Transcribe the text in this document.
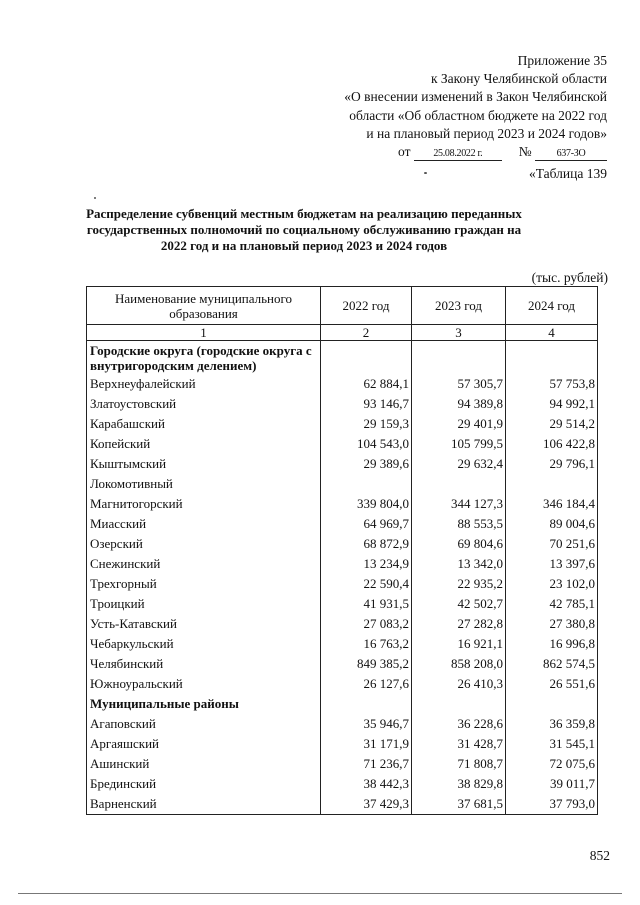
Приложение 35
к Закону Челябинской области
«О внесении изменений в Закон Челябинской
области «Об областном бюджете на 2022 год
и на плановый период 2023 и 2024 годов»
от 25.08.2022 г.	№ 637-ЗО
«Таблица 139
Распределение субвенций местным бюджетам на реализацию переданных государственных полномочий по социальному обслуживанию граждан на 2022 год и на плановый период 2023 и 2024 годов
(тыс. рублей)
Наименование муниципального образования	2022 год	2023 год	2024 год
1	2	3	4
Городские округа (городские округа с внутригородским делением)			
Верхнеуфалейский	62 884,1	57 305,7	57 753,8
Златоустовский	93 146,7	94 389,8	94 992,1
Карабашский	29 159,3	29 401,9	29 514,2
Копейский	104 543,0	105 799,5	106 422,8
Кыштымский	29 389,6	29 632,4	29 796,1
Локомотивный			
Магнитогорский	339 804,0	344 127,3	346 184,4
Миасский	64 969,7	88 553,5	89 004,6
Озерский	68 872,9	69 804,6	70 251,6
Снежинский	13 234,9	13 342,0	13 397,6
Трехгорный	22 590,4	22 935,2	23 102,0
Троицкий	41 931,5	42 502,7	42 785,1
Усть-Катавский	27 083,2	27 282,8	27 380,8
Чебаркульский	16 763,2	16 921,1	16 996,8
Челябинский	849 385,2	858 208,0	862 574,5
Южноуральский	26 127,6	26 410,3	26 551,6
Муниципальные районы			
Агаповский	35 946,7	36 228,6	36 359,8
Аргаяшский	31 171,9	31 428,7	31 545,1
Ашинский	71 236,7	71 808,7	72 075,6
Брединский	38 442,3	38 829,8	39 011,7
Варненский	37 429,3	37 681,5	37 793,0
852
